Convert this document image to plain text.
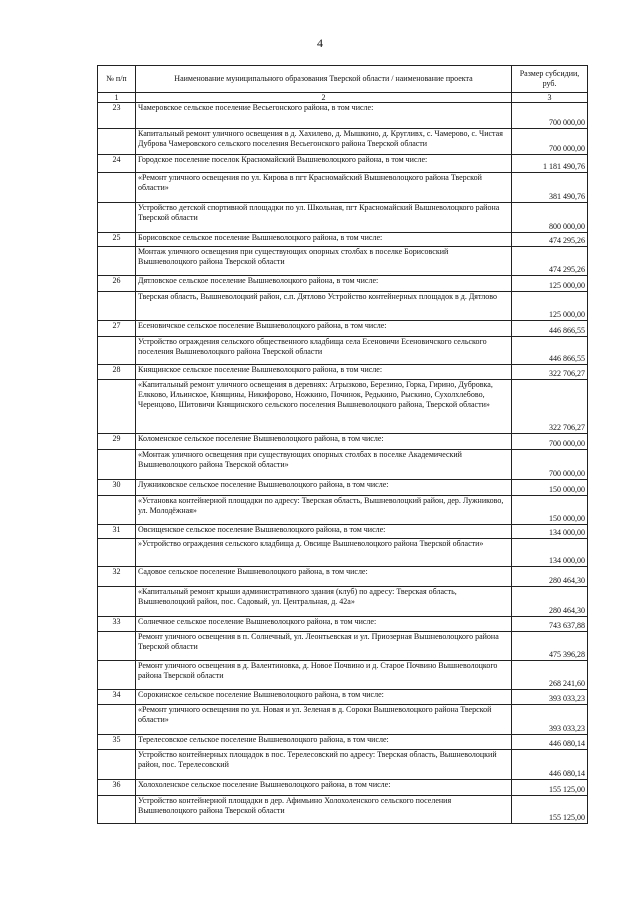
4
№ п/п	Наименование муниципального образования Тверской области / наименование проекта	Размер субсидии, руб.
1	2	3
23	Чамеровское сельское поселение Весьегонского района, в том числе:	700 000,00
	Капитальный ремонт уличного освещения в д. Хахилево, д. Мышкино, д. Кругливх, с. Чамерово, с. Чистая Дуброва Чамеровского сельского поселения Весьегонского района Тверской области	700 000,00
24	Городское поселение поселок Красномайский Вышневолоцкого района, в том числе:	1 181 490,76
	«Ремонт уличного освещения по ул. Кирова в пгт Красномайский Вышневолоцкого района Тверской области»	381 490,76
	Устройство детской спортивной площадки по ул. Школьная, пгт Красномайский Вышневолоцкого района Тверской области	800 000,00
25	Борисовское сельское поселение Вышневолоцкого района, в том числе:	474 295,26
	Монтаж уличного освещения при существующих опорных столбах в поселке Борисовский Вышневолоцкого района Тверской области	474 295,26
26	Дятловское сельское поселение Вышневолоцкого района, в том числе:	125 000,00
	Тверская область, Вышневолоцкий район, с.п. Дятлово Устройство контейнерных площадок в д. Дятлово	125 000,00
27	Есеновичское сельское поселение Вышневолоцкого района, в том числе:	446 866,55
	Устройство ограждения сельского общественного кладбища села Есеновичи Есеновичского сельского поселения Вышневолоцкого района Тверской области	446 866,55
28	Княщинское сельское поселение Вышневолоцкого района, в том числе:	322 706,27
	«Капитальный ремонт уличного освещения в деревнях: Агрызково, Березино, Горка, Гирино, Дубровка, Елкково, Ильинское, Княщины, Никифорово, Ножкино, Починок, Редькино, Рыскино, Сухолхлебово, Черенцово, Шитовичи Княщинского сельского поселения Вышневолоцкого района, Тверской области»	322 706,27
29	Коломенское сельское поселение Вышневолоцкого района, в том числе:	700 000,00
	«Монтаж уличного освещения при существующих опорных столбах в поселке Академический Вышневолоцкого района Тверской области»	700 000,00
30	Лужниковское сельское поселение Вышневолоцкого района, в том числе:	150 000,00
	«Установка контейнерной площадки по адресу: Тверская область, Вышневолоцкий район, дер. Лужниково, ул. Молодёжная»	150 000,00
31	Овсищенское сельское поселение Вышневолоцкого района, в том числе:	134 000,00
	»Устройство ограждения сельского кладбища д. Овсище Вышневолоцкого района Тверской области»	134 000,00
32	Садовое сельское поселение Вышневолоцкого района, в том числе:	280 464,30
	«Капитальный ремонт крыши административного здания (клуб) по адресу: Тверская область, Вышневолоцкий район, пос. Садовый, ул. Центральная, д. 42а»	280 464,30
33	Солнечное сельское поселение Вышневолоцкого района, в том числе:	743 637,88
	Ремонт уличного освещения в п. Солнечный, ул. Леонтьевская и ул. Приозерная Вышневолоцкого района Тверской области	475 396,28
	Ремонт уличного освещения в д. Валентиновка, д. Новое Почвино и д. Старое Почвино Вышневолоцкого района Тверской области	268 241,60
34	Сорокинское сельское поселение Вышневолоцкого района, в том числе:	393 033,23
	«Ремонт уличного освещения по ул. Новая и ул. Зеленая в д. Сороки Вышневолоцкого района Тверской области»	393 033,23
35	Терелесовское сельское поселение Вышневолоцкого района, в том числе:	446 080,14
	Устройство контейнерных площадок в пос. Терелесовский по адресу: Тверская область, Вышневолоцкий район, пос. Терелесовский	446 080,14
36	Холохоленское сельское поселение Вышневолоцкого района, в том числе:	155 125,00
	Устройство контейнерной площадки в дер. Афимьино Холохоленского сельского поселения Вышневолоцкого района Тверской области	155 125,00
